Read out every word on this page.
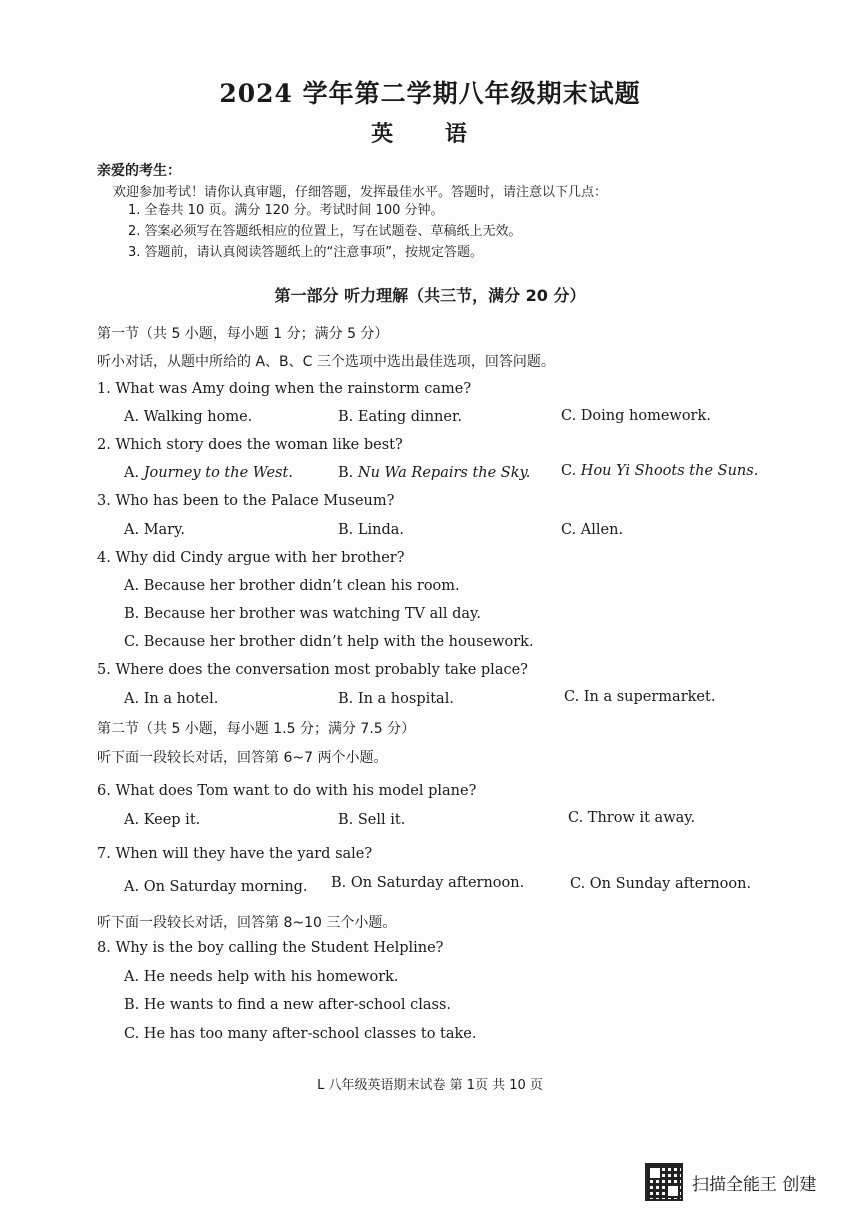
2024 学年第二学期八年级期末试题
英 语
亲爱的考生：
欢迎参加考试！请你认真审题，仔细答题，发挥最佳水平。答题时，请注意以下几点：
1. 全卷共 10 页。满分 120 分。考试时间 100 分钟。
2. 答案必须写在答题纸相应的位置上，写在试题卷、草稿纸上无效。
3. 答题前，请认真阅读答题纸上的“注意事项”，按规定答题。
第一部分 听力理解（共三节，满分 20 分）
第一节（共 5 小题，每小题 1 分；满分 5 分）
听小对话，从题中所给的 A、B、C 三个选项中选出最佳选项，回答问题。
1. What was Amy doing when the rainstorm came?
A. Walking home.	B. Eating dinner.	C. Doing homework.
2. Which story does the woman like best?
A. Journey to the West.	B. Nu Wa Repairs the Sky. C. Hou Yi Shoots the Suns.
3. Who has been to the Palace Museum?
A. Mary.	B. Linda.	C. Allen.
4. Why did Cindy argue with her brother?
A. Because her brother didn’t clean his room.
B. Because her brother was watching TV all day.
C. Because her brother didn’t help with the housework.
5. Where does the conversation most probably take place?
A. In a hotel.	B. In a hospital.	C. In a supermarket.
第二节（共 5 小题，每小题 1.5 分；满分 7.5 分）
听下面一段较长对话，回答第 6~7 两个小题。
6. What does Tom want to do with his model plane?
A. Keep it.	B. Sell it.	C. Throw it away.
7. When will they have the yard sale?
A. On Saturday morning. B. On Saturday afternoon.	C. On Sunday afternoon.
听下面一段较长对话，回答第 8~10 三个小题。
8. Why is the boy calling the Student Helpline?
A. He needs help with his homework.
B. He wants to find a new after-school class.
C. He has too many after-school classes to take.
L 八年级英语期末试卷 第 1页 共 10 页
扫描全能王 创建
